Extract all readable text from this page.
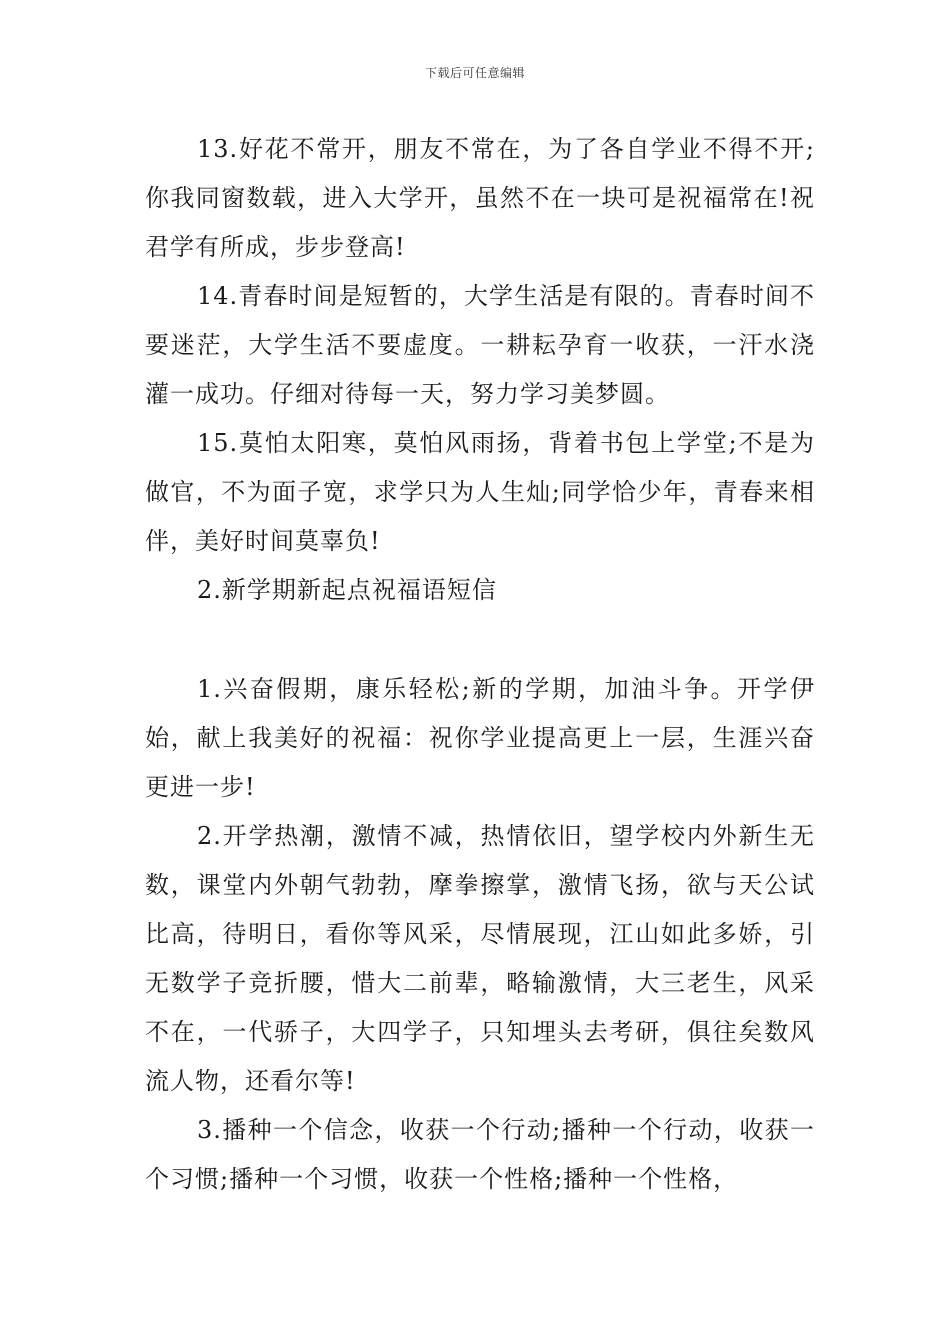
下载后可任意编辑

13.好花不常开，朋友不常在，为了各自学业不得不开;你我同窗数载，进入大学开，虽然不在一块可是祝福常在!祝君学有所成，步步登高!

14.青春时间是短暂的，大学生活是有限的。青春时间不要迷茫，大学生活不要虚度。一耕耘孕育一收获，一汗水浇灌一成功。仔细对待每一天，努力学习美梦圆。

15.莫怕太阳寒，莫怕风雨扬，背着书包上学堂;不是为做官，不为面子宽，求学只为人生灿;同学恰少年，青春来相伴，美好时间莫辜负!

2.新学期新起点祝福语短信

1.兴奋假期，康乐轻松;新的学期，加油斗争。开学伊始，献上我美好的祝福：祝你学业提高更上一层，生涯兴奋更进一步!

2.开学热潮，激情不减，热情依旧，望学校内外新生无数，课堂内外朝气勃勃，摩拳擦掌，激情飞扬，欲与天公试比高，待明日，看你等风采，尽情展现，江山如此多娇，引无数学子竞折腰，惜大二前辈，略输激情，大三老生，风采不在，一代骄子，大四学子，只知埋头去考研，俱往矣数风流人物，还看尔等!

3.播种一个信念，收获一个行动;播种一个行动，收获一个习惯;播种一个习惯，收获一个性格;播种一个性格，
